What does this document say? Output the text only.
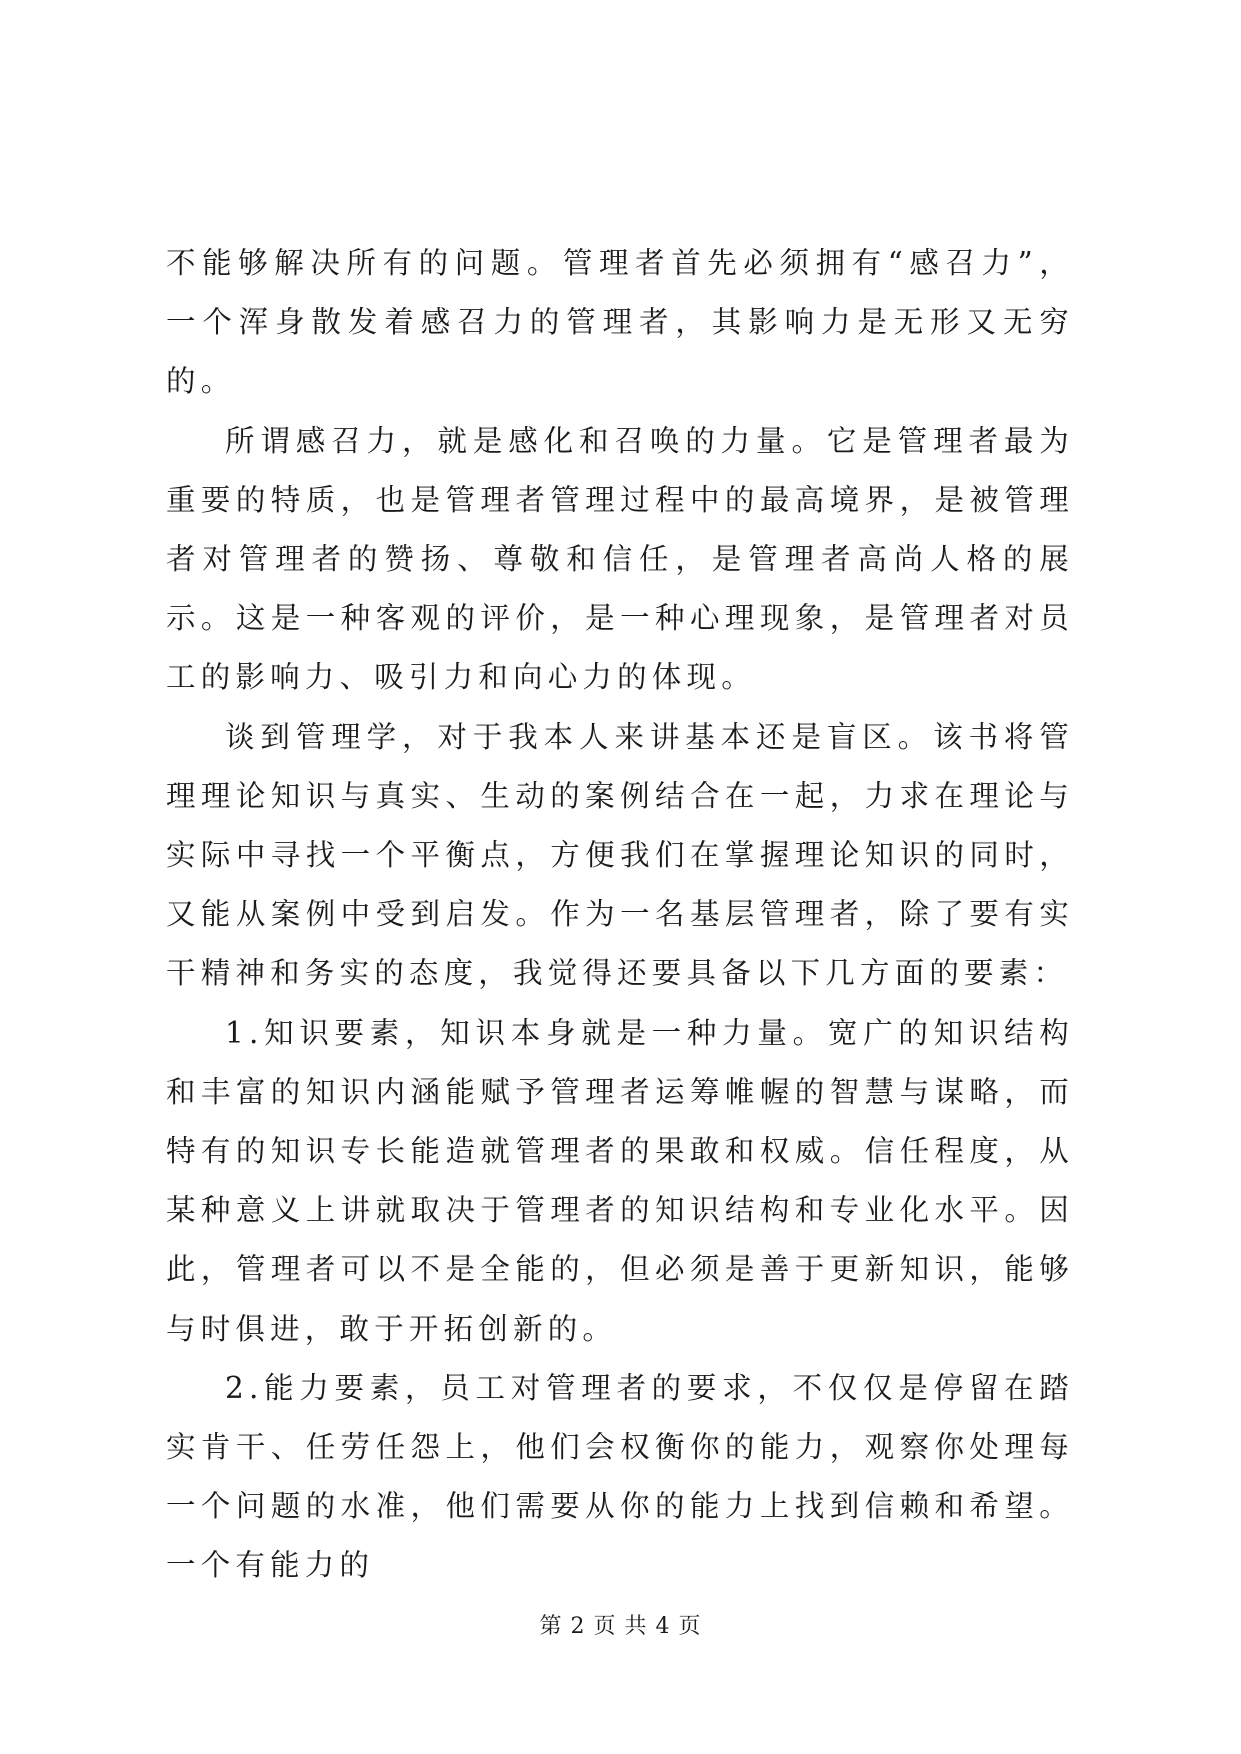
不能够解决所有的问题。管理者首先必须拥有“感召力”，一个浑身散发着感召力的管理者，其影响力是无形又无穷的。

所谓感召力，就是感化和召唤的力量。它是管理者最为重要的特质，也是管理者管理过程中的最高境界，是被管理者对管理者的赞扬、尊敬和信任，是管理者高尚人格的展示。这是一种客观的评价，是一种心理现象，是管理者对员工的影响力、吸引力和向心力的体现。

谈到管理学，对于我本人来讲基本还是盲区。该书将管理理论知识与真实、生动的案例结合在一起，力求在理论与实际中寻找一个平衡点，方便我们在掌握理论知识的同时，又能从案例中受到启发。作为一名基层管理者，除了要有实干精神和务实的态度，我觉得还要具备以下几方面的要素：

1.知识要素，知识本身就是一种力量。宽广的知识结构和丰富的知识内涵能赋予管理者运筹帷幄的智慧与谋略，而特有的知识专长能造就管理者的果敢和权威。信任程度，从某种意义上讲就取决于管理者的知识结构和专业化水平。因此，管理者可以不是全能的，但必须是善于更新知识，能够与时俱进，敢于开拓创新的。

2.能力要素，员工对管理者的要求，不仅仅是停留在踏实肯干、任劳任怨上，他们会权衡你的能力，观察你处理每一个问题的水准，他们需要从你的能力上找到信赖和希望。一个有能力的

第 2 页 共 4 页
